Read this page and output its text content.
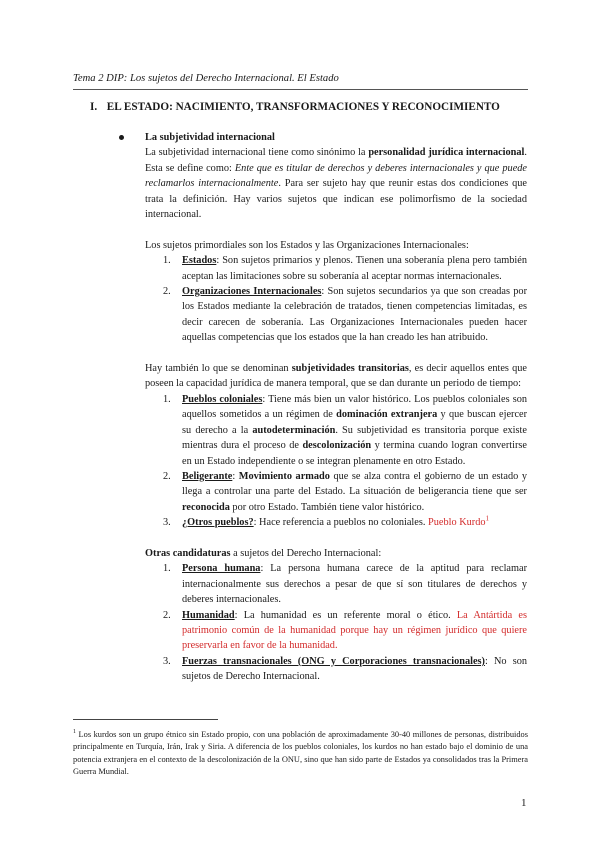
Tema 2 DIP: Los sujetos del Derecho Internacional. El Estado
I. EL ESTADO: NACIMIENTO, TRANSFORMACIONES Y RECONOCIMIENTO
La subjetividad internacional

La subjetividad internacional tiene como sinónimo la personalidad jurídica internacional. Esta se define como: Ente que es titular de derechos y deberes internacionales y que puede reclamarlos internacionalmente. Para ser sujeto hay que reunir estas dos condiciones que trata la definición. Hay varios sujetos que indican ese polimorfismo de la sociedad internacional.

Los sujetos primordiales son los Estados y las Organizaciones Internacionales:

1. Estados: Son sujetos primarios y plenos. Tienen una soberanía plena pero también aceptan las limitaciones sobre su soberanía al aceptar normas internacionales.
2. Organizaciones Internacionales: Son sujetos secundarios ya que son creadas por los Estados mediante la celebración de tratados, tienen competencias limitadas, es decir carecen de soberanía. Las Organizaciones Internacionales pueden hacer aquellas competencias que los estados que la han creado les han atribuido.

Hay también lo que se denominan subjetividades transitorias, es decir aquellos entes que poseen la capacidad jurídica de manera temporal, que se dan durante un periodo de tiempo:

1. Pueblos coloniales: Tiene más bien un valor histórico. Los pueblos coloniales son aquellos sometidos a un régimen de dominación extranjera y que buscan ejercer su derecho a la autodeterminación. Su subjetividad es transitoria porque existe mientras dura el proceso de descolonización y termina cuando logran convertirse en un Estado independiente o se integran plenamente en otro Estado.
2. Beligerante: Movimiento armado que se alza contra el gobierno de un estado y llega a controlar una parte del Estado. La situación de beligerancia tiene que ser reconocida por otro Estado. También tiene valor histórico.
3. ¿Otros pueblos?: Hace referencia a pueblos no coloniales. Pueblo Kurdo$^1$

Otras candidaturas a sujetos del Derecho Internacional:

1. Persona humana: La persona humana carece de la aptitud para reclamar internacionalmente sus derechos a pesar de que sí son titulares de derechos y deberes internacionales.
2. Humanidad: La humanidad es un referente moral o ético. La Antártida es patrimonio común de la humanidad porque hay un régimen jurídico que quiere preservarla en favor de la humanidad.
3. Fuerzas transnacionales (ONG y Corporaciones transnacionales): No son sujetos de Derecho Internacional.
$^1$ Los kurdos son un grupo étnico sin Estado propio, con una población de aproximadamente 30-40 millones de personas, distribuidos principalmente en Turquía, Irán, Irak y Siria. A diferencia de los pueblos coloniales, los kurdos no han estado bajo el dominio de una potencia extranjera en el contexto de la descolonización de la ONU, sino que han sido parte de Estados ya consolidados tras la Primera Guerra Mundial.
1
